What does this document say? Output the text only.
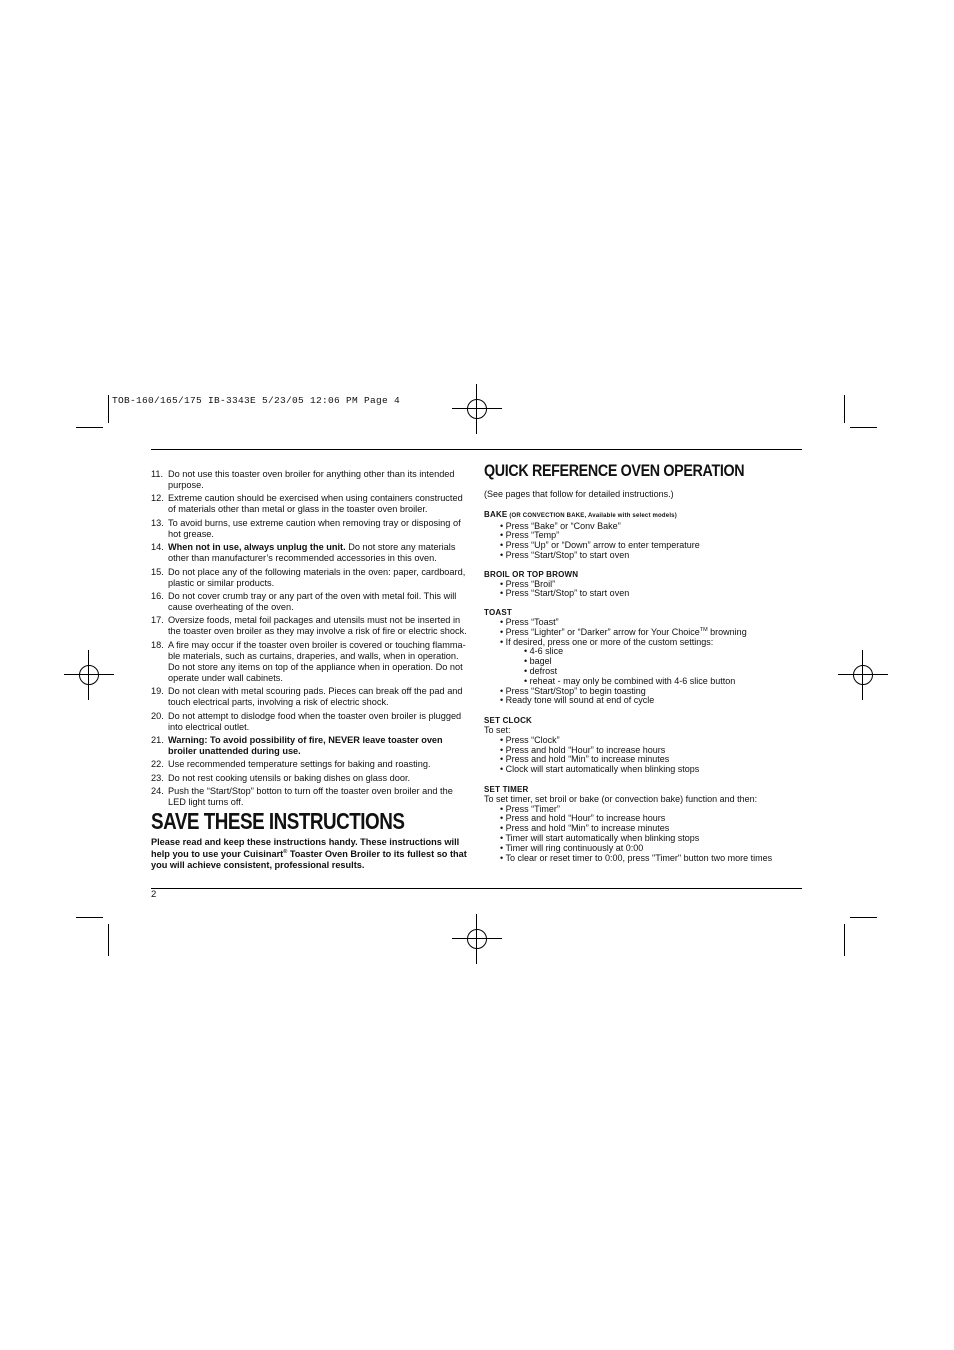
TOB-160/165/175 IB-3343E 5/23/05 12:06 PM Page 4
11. Do not use this toaster oven broiler for anything other than its intended purpose.
12. Extreme caution should be exercised when using containers constructed of materials other than metal or glass in the toaster oven broiler.
13. To avoid burns, use extreme caution when removing tray or disposing of hot grease.
14. When not in use, always unplug the unit. Do not store any materials other than manufacturer’s recommended accessories in this oven.
15. Do not place any of the following materials in the oven: paper, cardboard, plastic or similar products.
16. Do not cover crumb tray or any part of the oven with metal foil. This will cause overheating of the oven.
17. Oversize foods, metal foil packages and utensils must not be inserted in the toaster oven broiler as they may involve a risk of fire or electric shock.
18. A fire may occur if the toaster oven broiler is covered or touching flamma-ble materials, such as curtains, draperies, and walls, when in operation. Do not store any items on top of the appliance when in operation. Do not operate under wall cabinets.
19. Do not clean with metal scouring pads. Pieces can break off the pad and touch electrical parts, involving a risk of electric shock.
20. Do not attempt to dislodge food when the toaster oven broiler is plugged into electrical outlet.
21. Warning: To avoid possibility of fire, NEVER leave toaster oven broiler unattended during use.
22. Use recommended temperature settings for baking and roasting.
23. Do not rest cooking utensils or baking dishes on glass door.
24. Push the “Start/Stop” botton to turn off the toaster oven broiler and the LED light turns off.
SAVE THESE INSTRUCTIONS
Please read and keep these instructions handy. These instructions will help you to use your Cuisinart® Toaster Oven Broiler to its fullest so that you will achieve consistent, professional results.
2
QUICK REFERENCE OVEN OPERATION
(See pages that follow for detailed instructions.)
BAKE (OR CONVECTION BAKE, Available with select models)
• Press “Bake” or “Conv Bake”
• Press “Temp”
• Press “Up” or “Down” arrow to enter temperature
• Press “Start/Stop” to start oven
BROIL OR TOP BROWN
• Press “Broil”
• Press “Start/Stop” to start oven
TOAST
• Press “Toast”
• Press “Lighter” or “Darker” arrow for Your Choice™ browning
• If desired, press one or more of the custom settings:
• 4-6 slice
• bagel
• defrost
• reheat - may only be combined with 4-6 slice button
• Press “Start/Stop” to begin toasting
• Ready tone will sound at end of cycle
SET CLOCK
To set:
• Press “Clock”
• Press and hold “Hour” to increase hours
• Press and hold “Min” to increase minutes
• Clock will start automatically when blinking stops
SET TIMER
To set timer, set broil or bake (or convection bake) function and then:
• Press “Timer”
• Press and hold “Hour” to increase hours
• Press and hold “Min” to increase minutes
• Timer will start automatically when blinking stops
• Timer will ring continuously at 0:00
• To clear or reset timer to 0:00, press "Timer" button two more times
